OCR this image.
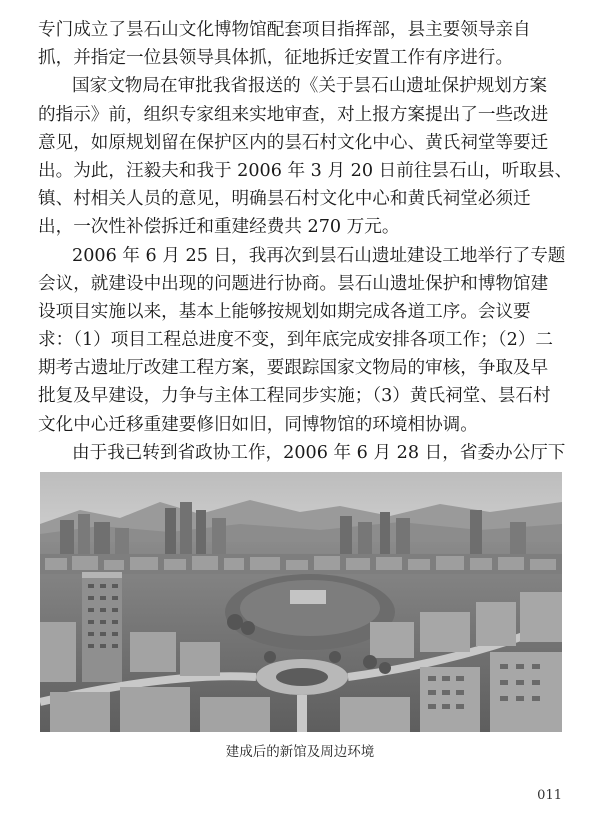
专门成立了昙石山文化博物馆配套项目指挥部，县主要领导亲自
抓，并指定一位县领导具体抓，征地拆迁安置工作有序进行。
国家文物局在审批我省报送的《关于昙石山遗址保护规划方案
的指示》前，组织专家组来实地审查，对上报方案提出了一些改进
意见，如原规划留在保护区内的昙石村文化中心、黄氏祠堂等要迁
出。为此，汪毅夫和我于 2006 年 3 月 20 日前往昙石山，听取县、
镇、村相关人员的意见，明确昙石村文化中心和黄氏祠堂必须迁
出，一次性补偿拆迁和重建经费共 270 万元。
2006 年 6 月 25 日，我再次到昙石山遗址建设工地举行了专题
会议，就建设中出现的问题进行协商。昙石山遗址保护和博物馆建
设项目实施以来，基本上能够按规划如期完成各道工序。会议要
求：（1）项目工程总进度不变，到年底完成安排各项工作；（2）二
期考古遗址厅改建工程方案，要跟踪国家文物局的审核，争取及早
批复及早建设，力争与主体工程同步实施；（3）黄氏祠堂、昙石村
文化中心迁移重建要修旧如旧，同博物馆的环境相协调。
由于我已转到省政协工作，2006 年 6 月 28 日，省委办公厅下
建成后的新馆及周边环境
011
